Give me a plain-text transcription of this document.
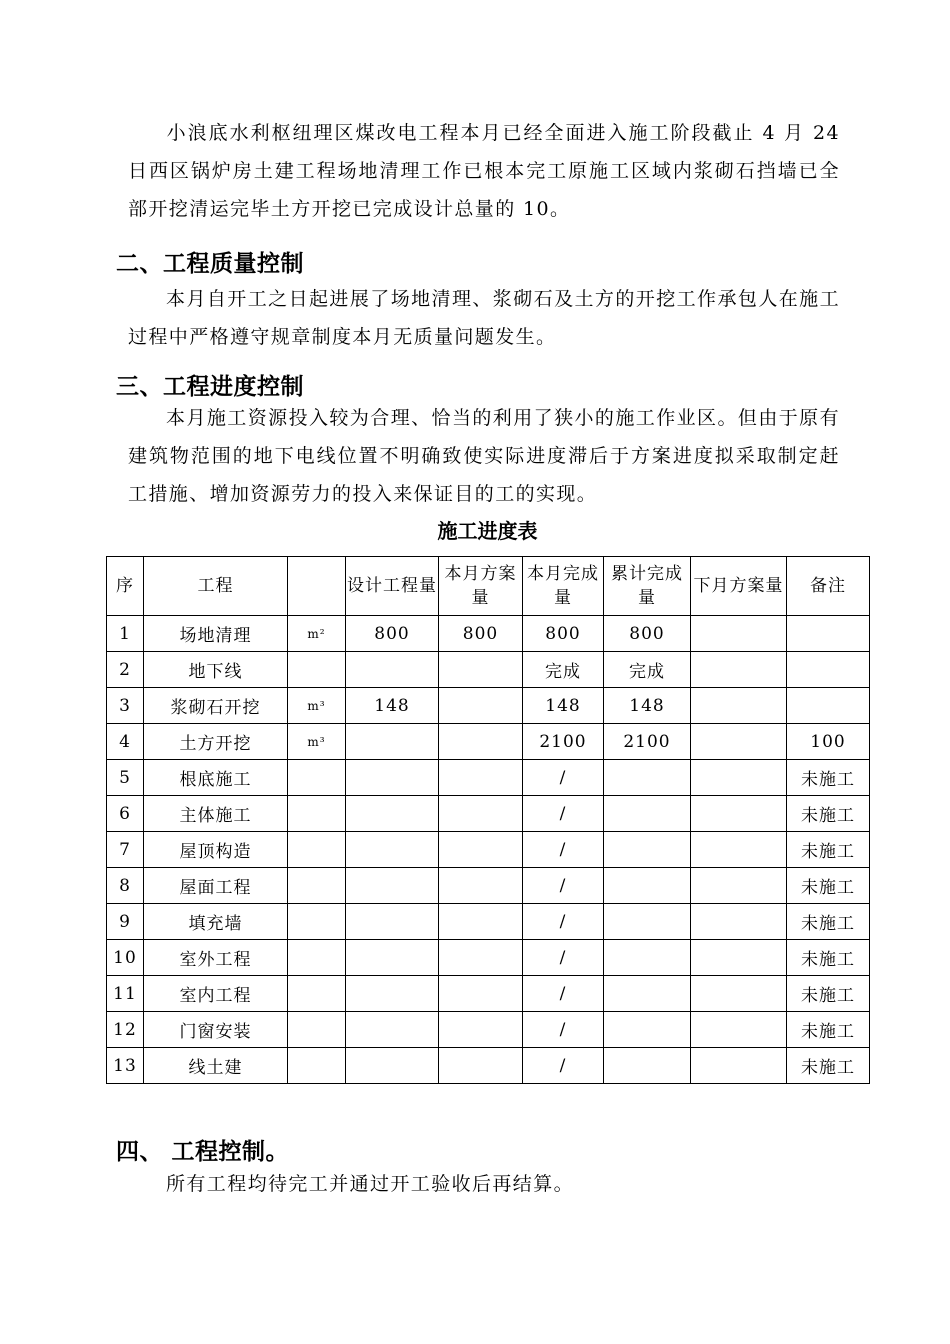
小浪底水利枢纽理区煤改电工程本月已经全面进入施工阶段截止 4 月 24 日西区锅炉房土建工程场地清理工作已根本完工原施工区域内浆砌石挡墙已全部开挖清运完毕土方开挖已完成设计总量的 10。

二、工程质量控制

本月自开工之日起进展了场地清理、浆砌石及土方的开挖工作承包人在施工过程中严格遵守规章制度本月无质量问题发生。

三、工程进度控制

本月施工资源投入较为合理、恰当的利用了狭小的施工作业区。但由于原有建筑物范围的地下电线位置不明确致使实际进度滞后于方案进度拟采取制定赶工措施、增加资源劳力的投入来保证目的工的实现。

施工进度表
序	工程		设计工程量	本月方案量	本月完成量	累计完成量	下月方案量	备注
1	场地清理	m²	800	800	800	800		
2	地下线				完成	完成		
3	浆砌石开挖	m³	148		148	148		
4	土方开挖	m³			2100	2100		100
5	根底施工				/			未施工
6	主体施工				/			未施工
7	屋顶构造				/			未施工
8	屋面工程				/			未施工
9	填充墙				/			未施工
10	室外工程				/			未施工
11	室内工程				/			未施工
12	门窗安装				/			未施工
13	线土建				/			未施工
四、 工程控制。

所有工程均待完工并通过开工验收后再结算。
